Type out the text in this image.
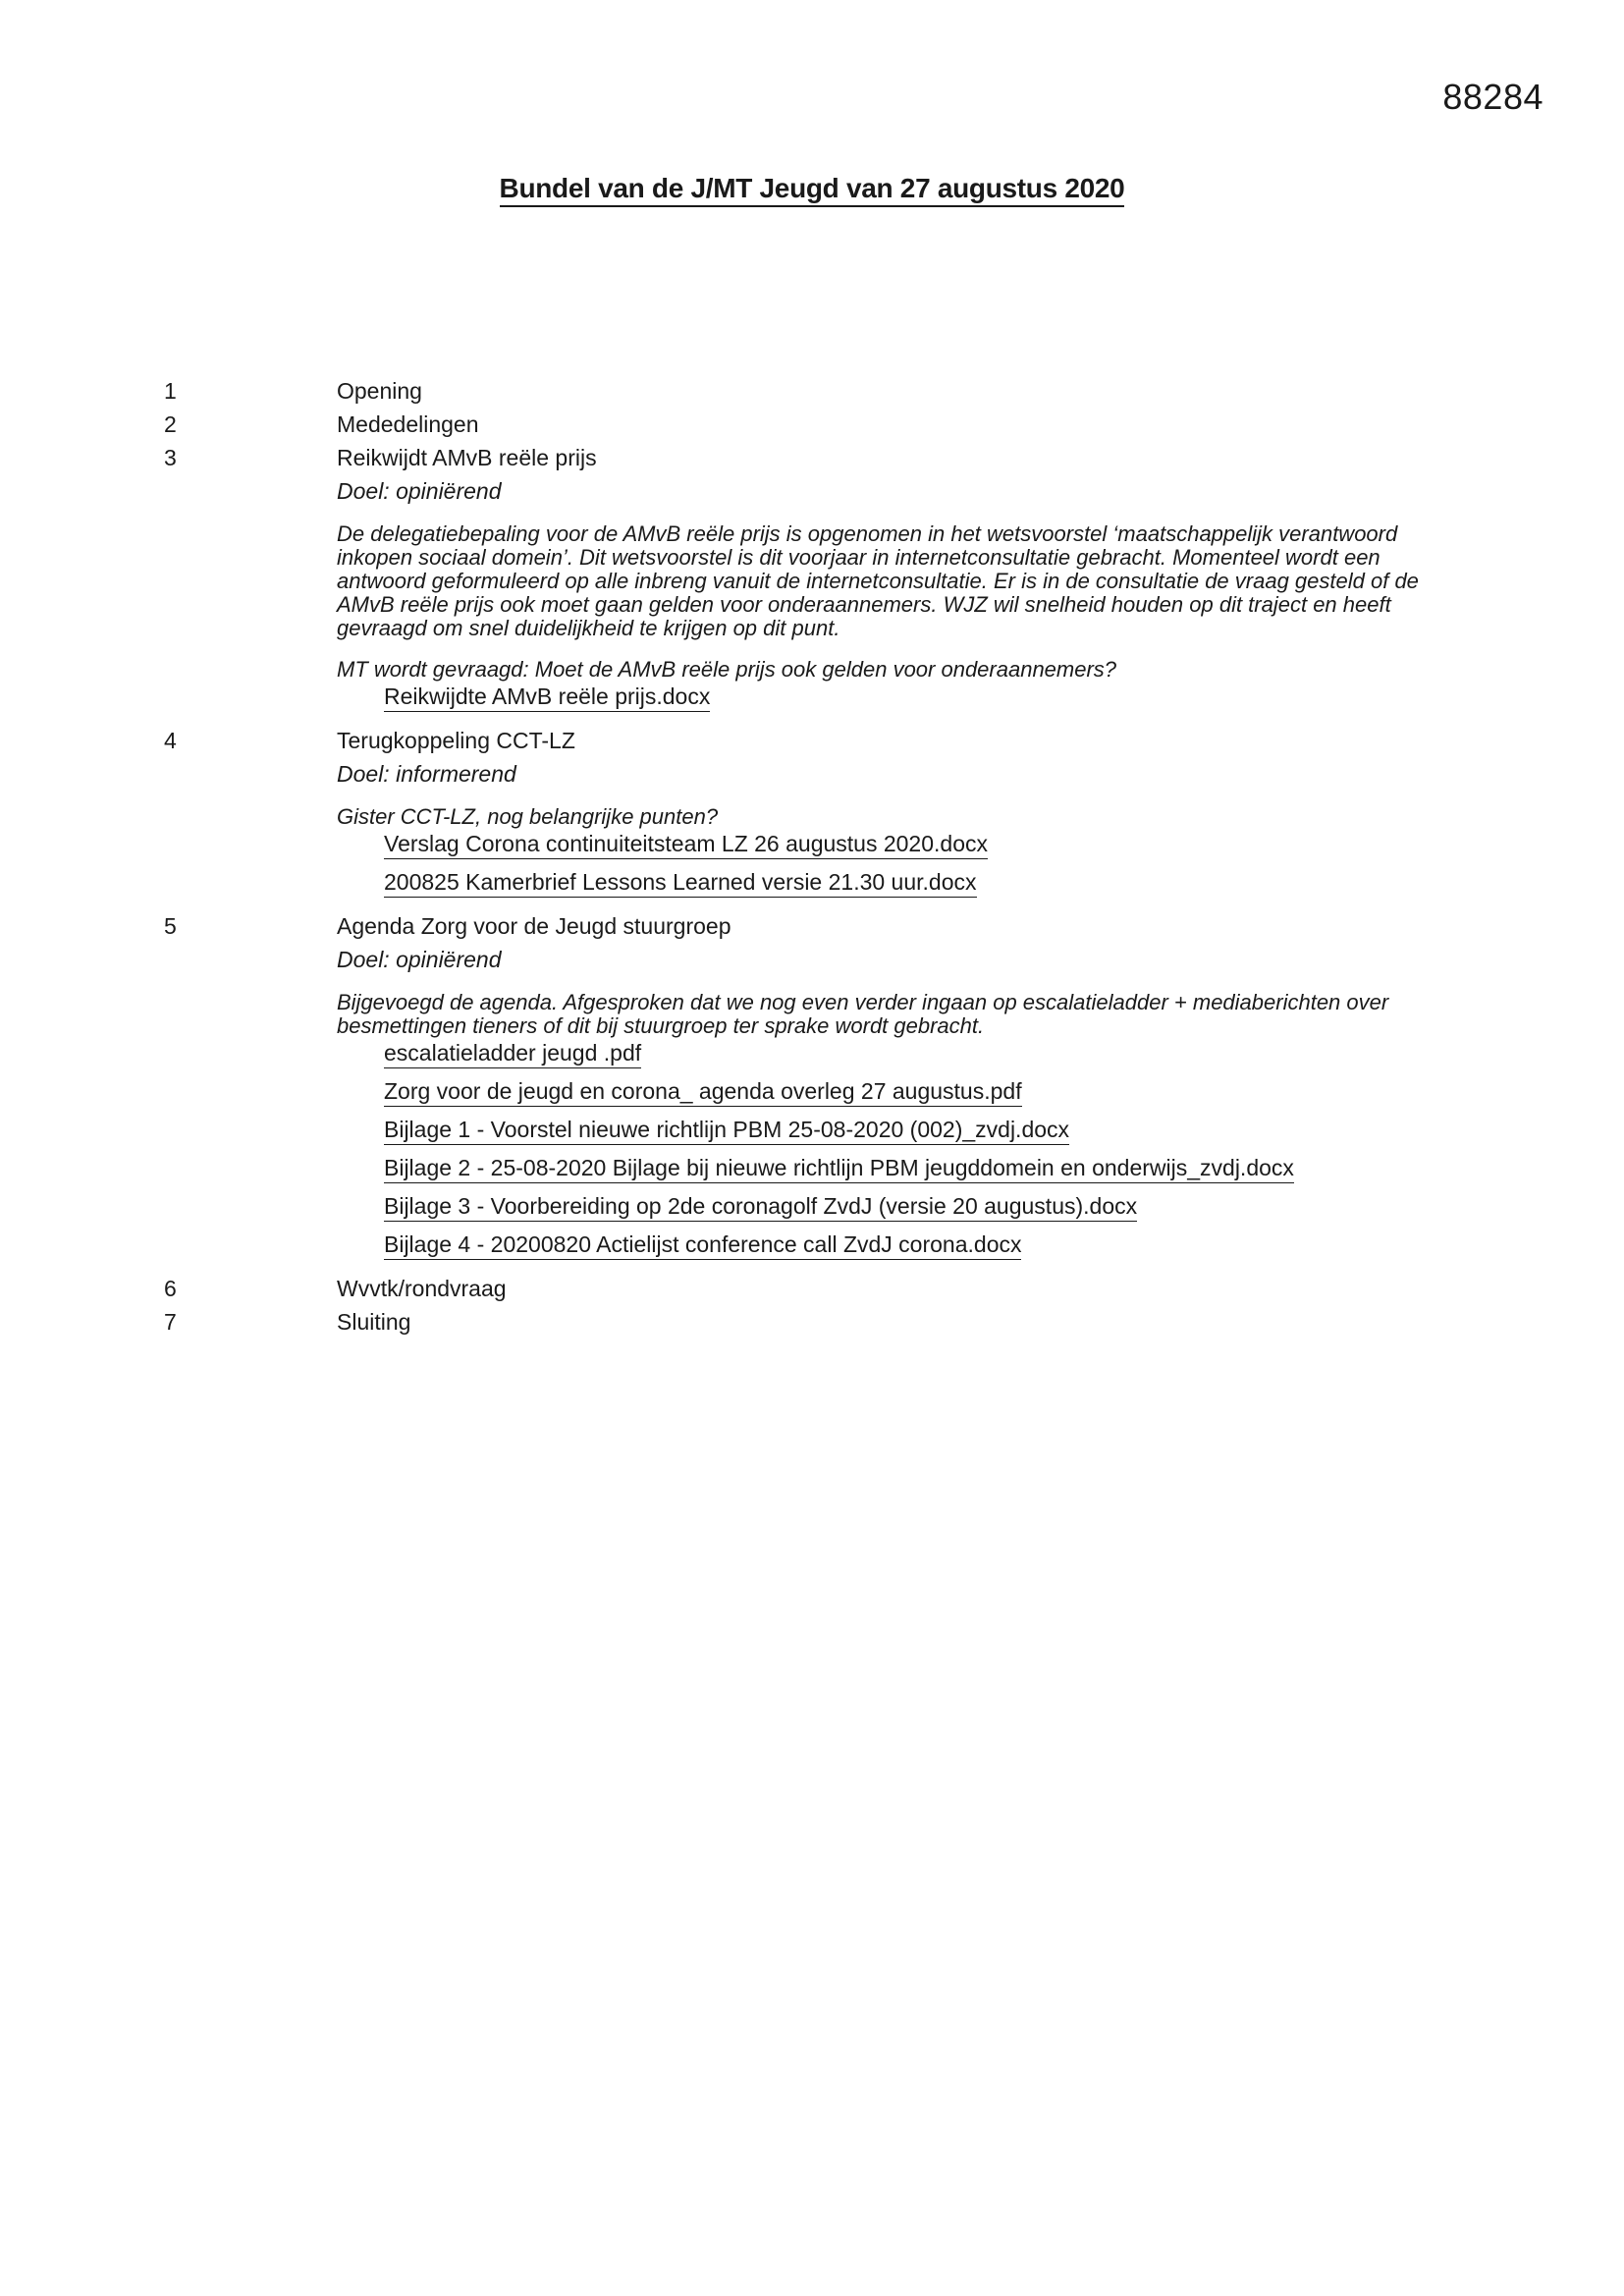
88284
Bundel van de J/MT Jeugd van 27 augustus 2020
1	Opening
2	Mededelingen
3	Reikwijdt AMvB reële prijs
Doel: opiniërend

De delegatiebepaling voor de AMvB reële prijs is opgenomen in het wetsvoorstel ‘maatschappelijk verantwoord inkopen sociaal domein’. Dit wetsvoorstel is dit voorjaar in internetconsultatie gebracht. Momenteel wordt een antwoord geformuleerd op alle inbreng vanuit de internetconsultatie. Er is in de consultatie de vraag gesteld of de AMvB reële prijs ook moet gaan gelden voor onderaannemers. WJZ wil snelheid houden op dit traject en heeft gevraagd om snel duidelijkheid te krijgen op dit punt.

MT wordt gevraagd: Moet de AMvB reële prijs ook gelden voor onderaannemers?

Reikwijdte AMvB reële prijs.docx
4	Terugkoppeling CCT-LZ
Doel: informerend

Gister CCT-LZ, nog belangrijke punten?

Verslag Corona continuiteitsteam LZ 26 augustus 2020.docx
200825 Kamerbrief Lessons Learned versie 21.30 uur.docx
5	Agenda Zorg voor de Jeugd stuurgroep
Doel: opiniërend

Bijgevoegd de agenda. Afgesproken dat we nog even verder ingaan op escalatieladder + mediaberichten over besmettingen tieners of dit bij stuurgroep ter sprake wordt gebracht.

escalatieladder jeugd .pdf
Zorg voor de jeugd en corona_ agenda overleg 27 augustus.pdf
Bijlage 1 - Voorstel nieuwe richtlijn PBM 25-08-2020 (002)_zvdj.docx
Bijlage 2 - 25-08-2020 Bijlage bij nieuwe richtlijn PBM jeugddomein en onderwijs_zvdj.docx
Bijlage 3 - Voorbereiding op 2de coronagolf ZvdJ (versie 20 augustus).docx
Bijlage 4 - 20200820 Actielijst conference call ZvdJ corona.docx
6	Wvvtk/rondvraag
7	Sluiting
